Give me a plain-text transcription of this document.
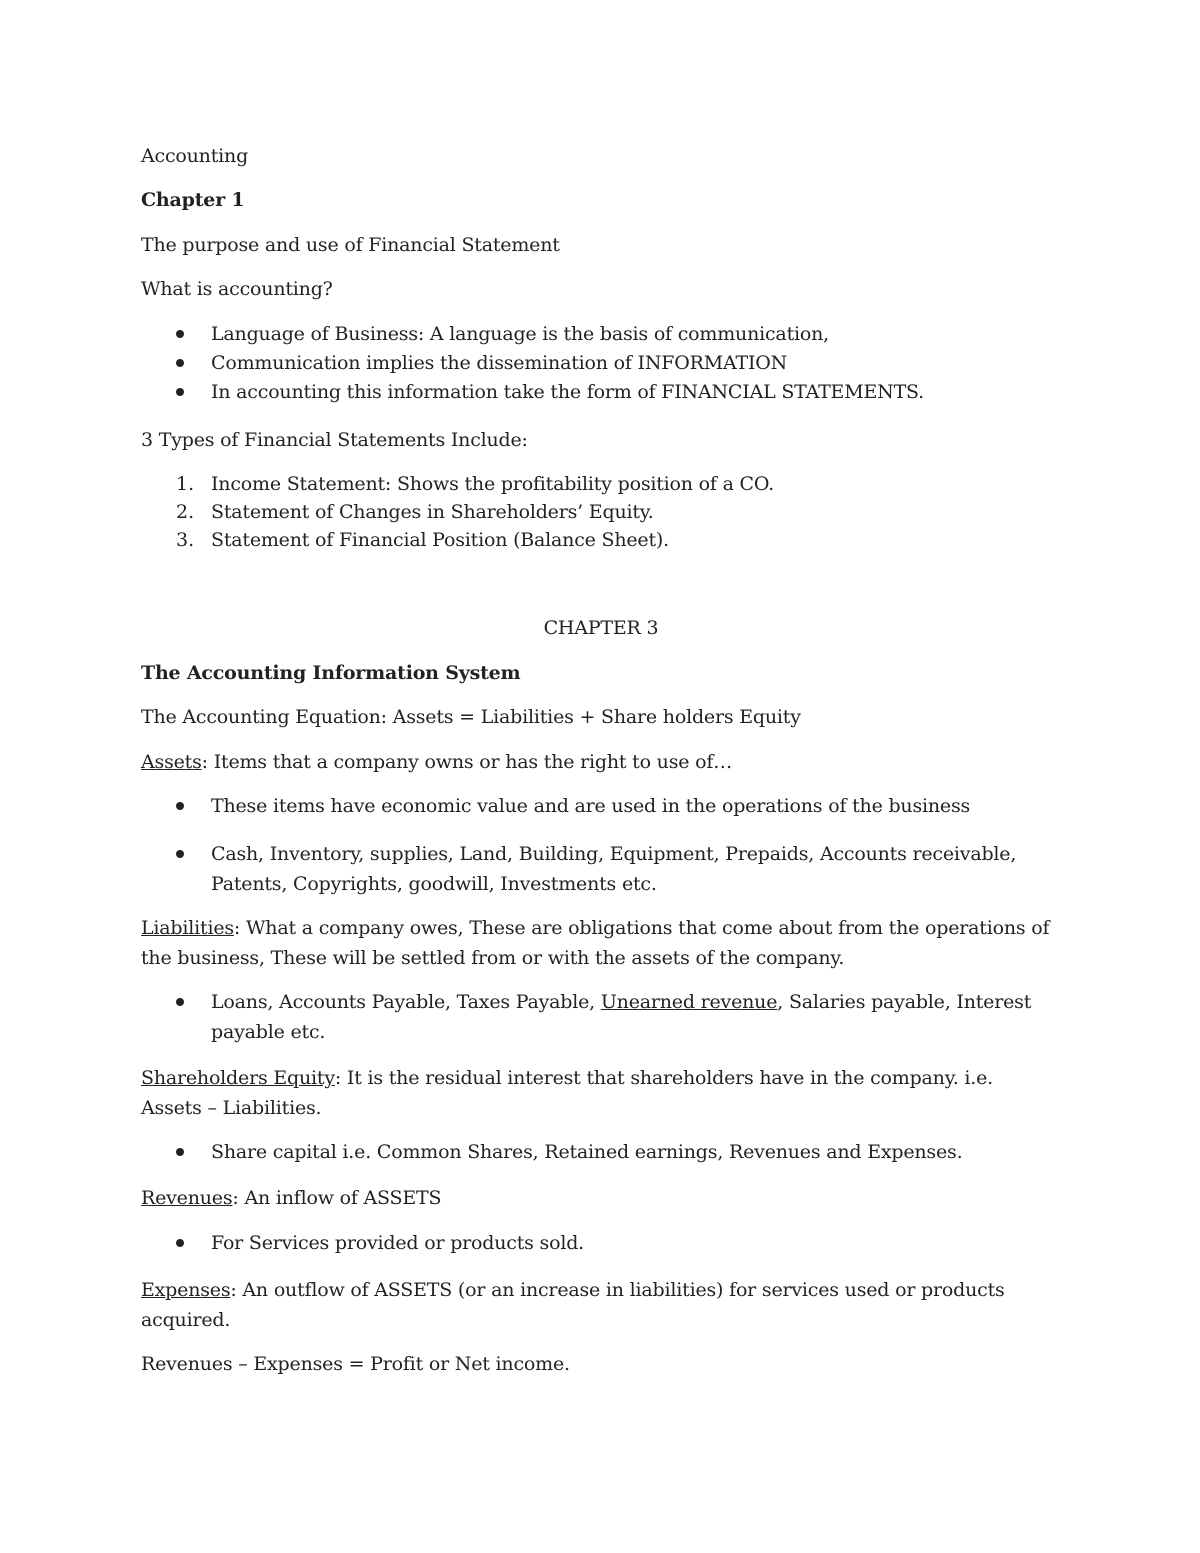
Accounting
Chapter 1
The purpose and use of Financial Statement
What is accounting?
Language of Business: A language is the basis of communication,
Communication implies the dissemination of INFORMATION
In accounting this information take the form of FINANCIAL STATEMENTS.
3 Types of Financial Statements Include:
1. Income Statement: Shows the profitability position of a CO.
2. Statement of Changes in Shareholders’ Equity.
3. Statement of Financial Position (Balance Sheet).
CHAPTER 3
The Accounting Information System
The Accounting Equation: Assets = Liabilities + Share holders Equity
Assets: Items that a company owns or has the right to use of…
These items have economic value and are used in the operations of the business
Cash, Inventory, supplies, Land, Building, Equipment, Prepaids, Accounts receivable, Patents, Copyrights, goodwill, Investments etc.
Liabilities: What a company owes, These are obligations that come about from the operations of the business, These will be settled from or with the assets of the company.
Loans, Accounts Payable, Taxes Payable, Unearned revenue, Salaries payable, Interest payable etc.
Shareholders Equity: It is the residual interest that shareholders have in the company. i.e. Assets – Liabilities.
Share capital i.e. Common Shares, Retained earnings, Revenues and Expenses.
Revenues: An inflow of ASSETS
For Services provided or products sold.
Expenses: An outflow of ASSETS (or an increase in liabilities) for services used or products acquired.
Revenues – Expenses = Profit or Net income.
